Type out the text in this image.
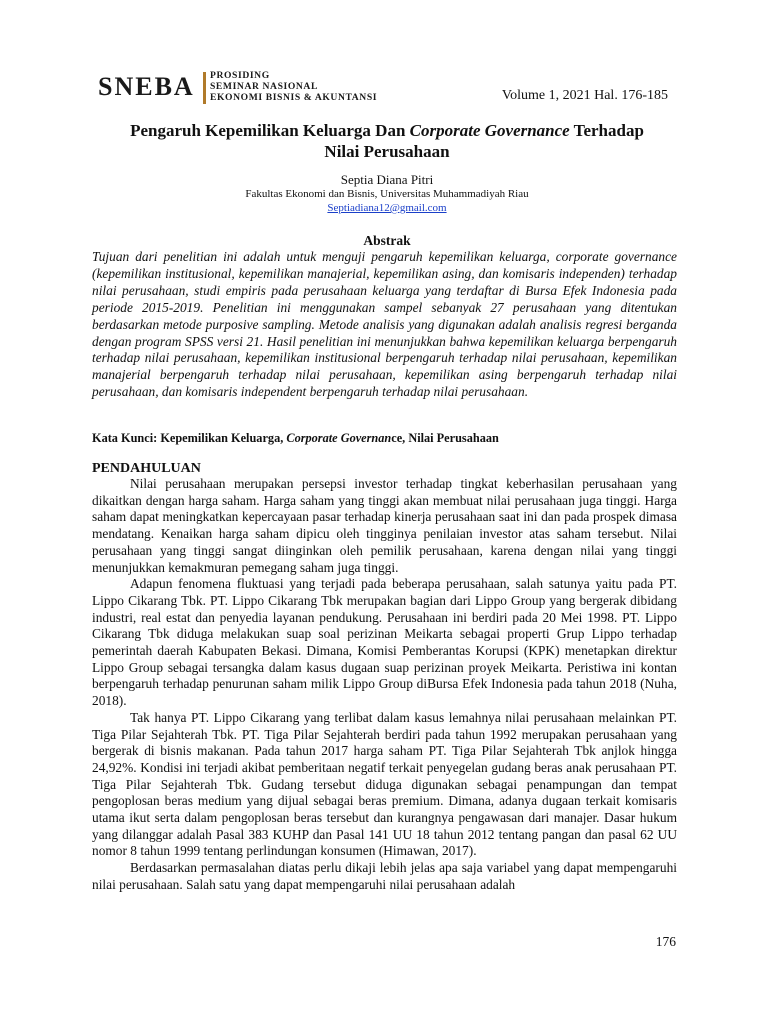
SNEBA PROSIDING
SEMINAR NASIONAL
EKONOMI BISNIS & AKUNTANSI	Volume 1, 2021 Hal. 176-185
Pengaruh Kepemilikan Keluarga Dan Corporate Governance Terhadap
Nilai Perusahaan
Septia Diana Pitri
Fakultas Ekonomi dan Bisnis, Universitas Muhammadiyah Riau
Septiadiana12@gmail.com
Abstrak
Tujuan dari penelitian ini adalah untuk menguji pengaruh kepemilikan keluarga, corporate governance (kepemilikan institusional, kepemilikan manajerial, kepemilikan asing, dan komisaris independen) terhadap nilai perusahaan, studi empiris pada perusahaan keluarga yang terdaftar di Bursa Efek Indonesia pada periode 2015-2019. Penelitian ini menggunakan sampel sebanyak 27 perusahaan yang ditentukan berdasarkan metode purposive sampling. Metode analisis yang digunakan adalah analisis regresi berganda dengan program SPSS versi 21. Hasil penelitian ini menunjukkan bahwa kepemilikan keluarga berpengaruh terhadap nilai perusahaan, kepemilikan institusional berpengaruh terhadap nilai perusahaan, kepemilikan manajerial berpengaruh terhadap nilai perusahaan, kepemilikan asing berpengaruh terhadap nilai perusahaan, dan komisaris independent berpengaruh terhadap nilai perusahaan.
Kata Kunci: Kepemilikan Keluarga, Corporate Governance, Nilai Perusahaan
PENDAHULUAN

Nilai perusahaan merupakan persepsi investor terhadap tingkat keberhasilan perusahaan yang dikaitkan dengan harga saham. Harga saham yang tinggi akan membuat nilai perusahaan juga tinggi. Harga saham dapat meningkatkan kepercayaan pasar terhadap kinerja perusahaan saat ini dan pada prospek dimasa mendatang. Kenaikan harga saham dipicu oleh tingginya penilaian investor atas saham tersebut. Nilai perusahaan yang tinggi sangat diinginkan oleh pemilik perusahaan, karena dengan nilai yang tinggi menunjukkan kemakmuran pemegang saham juga tinggi.

Adapun fenomena fluktuasi yang terjadi pada beberapa perusahaan, salah satunya yaitu pada PT. Lippo Cikarang Tbk. PT. Lippo Cikarang Tbk merupakan bagian dari Lippo Group yang bergerak dibidang industri, real estat dan penyedia layanan pendukung. Perusahaan ini berdiri pada 20 Mei 1998. PT. Lippo Cikarang Tbk diduga melakukan suap soal perizinan Meikarta sebagai properti Grup Lippo terhadap pemerintah daerah Kabupaten Bekasi. Dimana, Komisi Pemberantas Korupsi (KPK) menetapkan direktur Lippo Group sebagai tersangka dalam kasus dugaan suap perizinan proyek Meikarta. Peristiwa ini kontan berpengaruh terhadap penurunan saham milik Lippo Group diBursa Efek Indonesia pada tahun 2018 (Nuha, 2018).

Tak hanya PT. Lippo Cikarang yang terlibat dalam kasus lemahnya nilai perusahaan melainkan PT. Tiga Pilar Sejahterah Tbk. PT. Tiga Pilar Sejahterah berdiri pada tahun 1992 merupakan perusahaan yang bergerak di bisnis makanan. Pada tahun 2017 harga saham PT. Tiga Pilar Sejahterah Tbk anjlok hingga 24,92%. Kondisi ini terjadi akibat pemberitaan negatif terkait penyegelan gudang beras anak perusahaan PT. Tiga Pilar Sejahterah Tbk. Gudang tersebut diduga digunakan sebagai penampungan dan tempat pengoplosan beras medium yang dijual sebagai beras premium. Dimana, adanya dugaan terkait komisaris utama ikut serta dalam pengoplosan beras tersebut dan kurangnya pengawasan dari manajer. Dasar hukum yang dilanggar adalah Pasal 383 KUHP dan Pasal 141 UU 18 tahun 2012 tentang pangan dan pasal 62 UU nomor 8 tahun 1999 tentang perlindungan konsumen (Himawan, 2017).

Berdasarkan permasalahan diatas perlu dikaji lebih jelas apa saja variabel yang dapat mempengaruhi nilai perusahaan. Salah satu yang dapat mempengaruhi nilai perusahaan adalah

176
